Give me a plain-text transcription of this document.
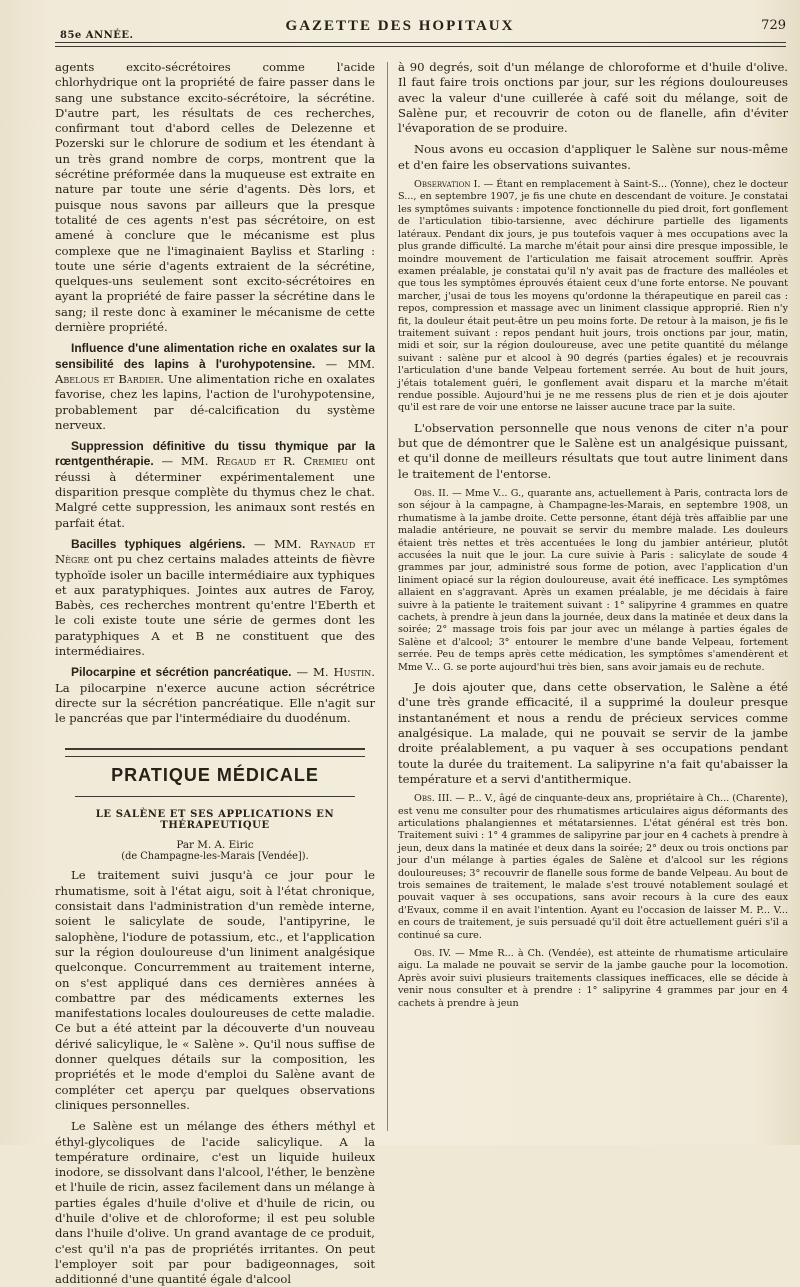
85e ANNÉE.
GAZETTE DES HOPITAUX	729

agents excito-sécrétoires comme l'acide chlorhydrique ont la propriété de faire passer dans le sang une substance excito-sécrétoire, la sécrétine. D'autre part, les résultats de ces recherches, confirmant tout d'abord celles de Delezenne et Pozerski sur le chlorure de sodium et les étendant à un très grand nombre de corps, montrent que la sécrétine préformée dans la muqueuse est extraite en nature par toute une série d'agents. Dès lors, et puisque nous savons par ailleurs que la presque totalité de ces agents n'est pas sécrétoire, on est amené à conclure que le mécanisme est plus complexe que ne l'imaginaient Bayliss et Starling : toute une série d'agents extraient de la sécrétine, quelques-uns seulement sont excito-sécrétoires en ayant la propriété de faire passer la sécrétine dans le sang; il reste donc à examiner le mécanisme de cette dernière propriété.

Influence d'une alimentation riche en oxalates sur la sensibilité des lapins à l'urohypotensine. — MM. Abelous et Bardier. Une alimentation riche en oxalates favorise, chez les lapins, l'action de l'urohypotensine, probablement par dé-calcification du système nerveux.

Suppression définitive du tissu thymique par la rœntgenthérapie. — MM. Regaud et R. Cremieu ont réussi à déterminer expérimentalement une disparition presque complète du thymus chez le chat. Malgré cette suppression, les animaux sont restés en parfait état.

Bacilles typhiques algériens. — MM. Raynaud et Nègre ont pu chez certains malades atteints de fièvre typhoïde isoler un bacille intermédiaire aux typhiques et aux paratyphiques. Jointes aux autres de Faroy, Babès, ces recherches montrent qu'entre l'Eberth et le coli existe toute une série de germes dont les paratyphiques A et B ne constituent que des intermédiaires.

Pilocarpine et sécrétion pancréatique. — M. Hustin. La pilocarpine n'exerce aucune action sécrétrice directe sur la sécrétion pancréatique. Elle n'agit sur le pancréas que par l'intermédiaire du duodénum.

PRATIQUE MÉDICALE
LE SALÈNE ET SES APPLICATIONS EN THÉRAPEUTIQUE

Par M. A. Eiric

(de Champagne-les-Marais [Vendée]).

Le traitement suivi jusqu'à ce jour pour le rhumatisme, soit à l'état aigu, soit à l'état chronique, consistait dans l'administration d'un remède interne, soient le salicylate de soude, l'antipyrine, le salophène, l'iodure de potassium, etc., et l'application sur la région douloureuse d'un liniment analgésique quelconque. Concurremment au traitement interne, on s'est appliqué dans ces dernières années à combattre par des médicaments externes les manifestations locales douloureuses de cette maladie. Ce but a été atteint par la découverte d'un nouveau dérivé salicylique, le « Salène ». Qu'il nous suffise de donner quelques détails sur la composition, les propriétés et le mode d'emploi du Salène avant de compléter cet aperçu par quelques observations cliniques personnelles.

Le Salène est un mélange des éthers méthyl et éthyl-glycoliques de l'acide salicylique. A la température ordinaire, c'est un liquide huileux inodore, se dissolvant dans l'alcool, l'éther, le benzène et l'huile de ricin, assez facilement dans un mélange à parties égales d'huile d'olive et d'huile de ricin, ou d'huile d'olive et de chloroforme; il est peu soluble dans l'huile d'olive. Un grand avantage de ce produit, c'est qu'il n'a pas de propriétés irritantes. On peut l'employer soit par pour badigeonnages, soit additionné d'une quantité égale d'alcool

à 90 degrés, soit d'un mélange de chloroforme et d'huile d'olive. Il faut faire trois onctions par jour, sur les régions douloureuses avec la valeur d'une cuillerée à café soit du mélange, soit de Salène pur, et recouvrir de coton ou de flanelle, afin d'éviter l'évaporation de se produire.

Nous avons eu occasion d'appliquer le Salène sur nous-même et d'en faire les observations suivantes.

Observation I. — Étant en remplacement à Saint-S... (Yonne), chez le docteur S..., en septembre 1907, je fis une chute en descendant de voiture. Je constatai les symptômes suivants : impotence fonctionnelle du pied droit, fort gonflement de l'articulation tibio-tarsienne, avec déchirure partielle des ligaments latéraux. Pendant dix jours, je pus toutefois vaquer à mes occupations avec la plus grande difficulté. La marche m'était pour ainsi dire presque impossible, le moindre mouvement de l'articulation me faisait atrocement souffrir. Après examen préalable, je constatai qu'il n'y avait pas de fracture des malléoles et que tous les symptômes éprouvés étaient ceux d'une forte entorse. Ne pouvant marcher, j'usai de tous les moyens qu'ordonne la thérapeutique en pareil cas : repos, compression et massage avec un liniment classique approprié. Rien n'y fit, la douleur était peut-être un peu moins forte. De retour à la maison, je fis le traitement suivant : repos pendant huit jours, trois onctions par jour, matin, midi et soir, sur la région douloureuse, avec une petite quantité du mélange suivant : salène pur et alcool à 90 degrés (parties égales) et je recouvrais l'articulation d'une bande Velpeau fortement serrée. Au bout de huit jours, j'étais totalement guéri, le gonflement avait disparu et la marche m'était rendue possible. Aujourd'hui je ne me ressens plus de rien et je dois ajouter qu'il est rare de voir une entorse ne laisser aucune trace par la suite.

L'observation personnelle que nous venons de citer n'a pour but que de démontrer que le Salène est un analgésique puissant, et qu'il donne de meilleurs résultats que tout autre liniment dans le traitement de l'entorse.

Obs. II. — Mme V... G., quarante ans, actuellement à Paris, contracta lors de son séjour à la campagne, à Champagne-les-Marais, en septembre 1908, un rhumatisme à la jambe droite. Cette personne, étant déjà très affaiblie par une maladie antérieure, ne pouvait se servir du membre malade. Les douleurs étaient très nettes et très accentuées le long du jambier antérieur, plutôt accusées la nuit que le jour. La cure suivie à Paris : salicylate de soude 4 grammes par jour, administré sous forme de potion, avec l'application d'un liniment opiacé sur la région douloureuse, avait été inefficace. Les symptômes allaient en s'aggravant. Après un examen préalable, je me décidais à faire suivre à la patiente le traitement suivant : 1° salipyrine 4 grammes en quatre cachets, à prendre à jeun dans la journée, deux dans la matinée et deux dans la soirée; 2° massage trois fois par jour avec un mélange à parties égales de Salène et d'alcool; 3° entourer le membre d'une bande Velpeau, fortement serrée. Peu de temps après cette médication, les symptômes s'amendèrent et Mme V... G. se porte aujourd'hui très bien, sans avoir jamais eu de rechute.

Je dois ajouter que, dans cette observation, le Salène a été d'une très grande efficacité, il a supprimé la douleur presque instantanément et nous a rendu de précieux services comme analgésique. La malade, qui ne pouvait se servir de la jambe droite préalablement, a pu vaquer à ses occupations pendant toute la durée du traitement. La salipyrine n'a fait qu'abaisser la température et a servi d'antithermique.

Obs. III. — P... V., âgé de cinquante-deux ans, propriétaire à Ch... (Charente), est venu me consulter pour des rhumatismes articulaires aigus déformants des articulations phalangiennes et métatarsiennes. L'état général est très bon. Traitement suivi : 1° 4 grammes de salipyrine par jour en 4 cachets à prendre à jeun, deux dans la matinée et deux dans la soirée; 2° deux ou trois onctions par jour d'un mélange à parties égales de Salène et d'alcool sur les régions douloureuses; 3° recouvrir de flanelle sous forme de bande Velpeau. Au bout de trois semaines de traitement, le malade s'est trouvé notablement soulagé et pouvait vaquer à ses occupations, sans avoir recours à la cure des eaux d'Evaux, comme il en avait l'intention. Ayant eu l'occasion de laisser M. P... V... en cours de traitement, je suis persuadé qu'il doit être actuellement guéri s'il a continué sa cure.

Obs. IV. — Mme R... à Ch. (Vendée), est atteinte de rhumatisme articulaire aigu. La malade ne pouvait se servir de la jambe gauche pour la locomotion. Après avoir suivi plusieurs traitements classiques inefficaces, elle se décide à venir nous consulter et à prendre : 1° salipyrine 4 grammes par jour en 4 cachets à prendre à jeun
